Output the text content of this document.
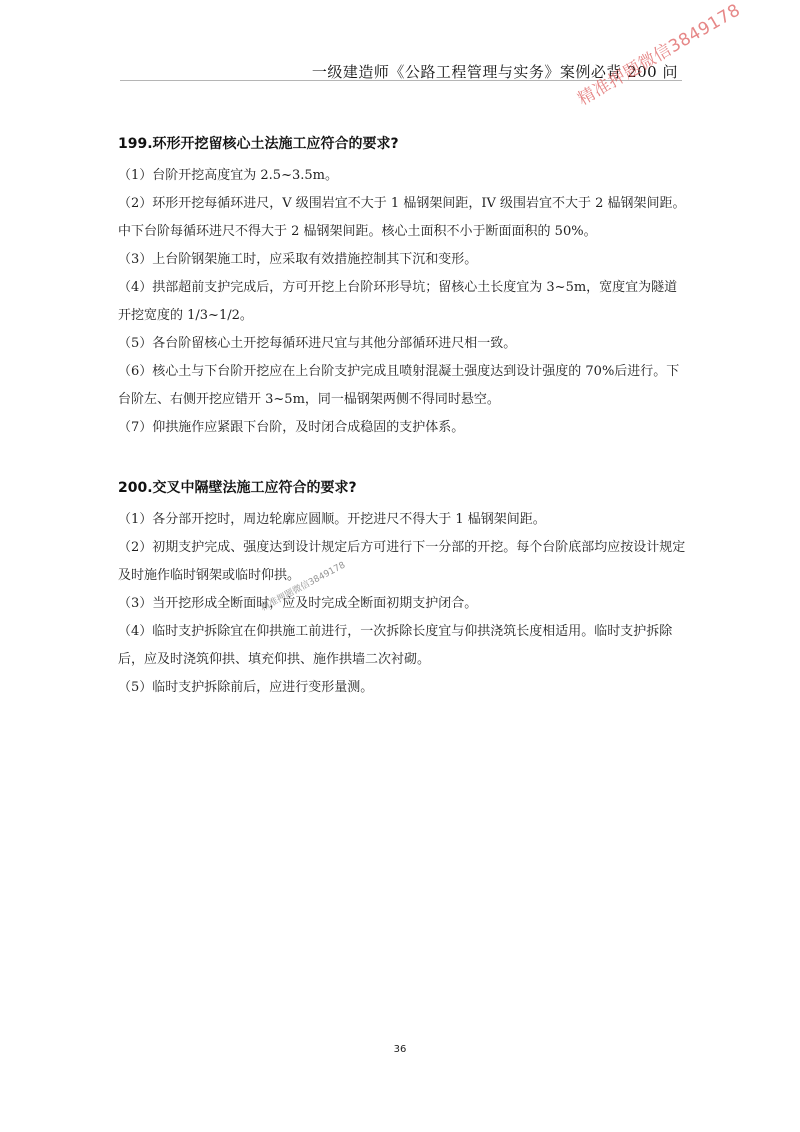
一级建造师《公路工程管理与实务》案例必背 200 问
精准押题微信3849178
精准押题微信3849178
199.环形开挖留核心土法施工应符合的要求?

（1）台阶开挖高度宜为 2.5~3.5m。

（2）环形开挖每循环进尺，V 级围岩宜不大于 1 榀钢架间距，IV 级围岩宜不大于 2 榀钢架间距。中下台阶每循环进尺不得大于 2 榀钢架间距。核心土面积不小于断面面积的 50%。

（3）上台阶钢架施工时，应采取有效措施控制其下沉和变形。

（4）拱部超前支护完成后，方可开挖上台阶环形导坑；留核心土长度宜为 3~5m，宽度宜为隧道开挖宽度的 1/3~1/2。

（5）各台阶留核心土开挖每循环进尺宜与其他分部循环进尺相一致。

（6）核心土与下台阶开挖应在上台阶支护完成且喷射混凝土强度达到设计强度的 70%后进行。下台阶左、右侧开挖应错开 3~5m，同一榀钢架两侧不得同时悬空。

（7）仰拱施作应紧跟下台阶，及时闭合成稳固的支护体系。

200.交叉中隔壁法施工应符合的要求?

（1）各分部开挖时，周边轮廓应圆顺。开挖进尺不得大于 1 榀钢架间距。

（2）初期支护完成、强度达到设计规定后方可进行下一分部的开挖。每个台阶底部均应按设计规定及时施作临时钢架或临时仰拱。

（3）当开挖形成全断面时，应及时完成全断面初期支护闭合。

（4）临时支护拆除宜在仰拱施工前进行，一次拆除长度宜与仰拱浇筑长度相适用。临时支护拆除后，应及时浇筑仰拱、填充仰拱、施作拱墙二次衬砌。

（5）临时支护拆除前后，应进行变形量测。

36
